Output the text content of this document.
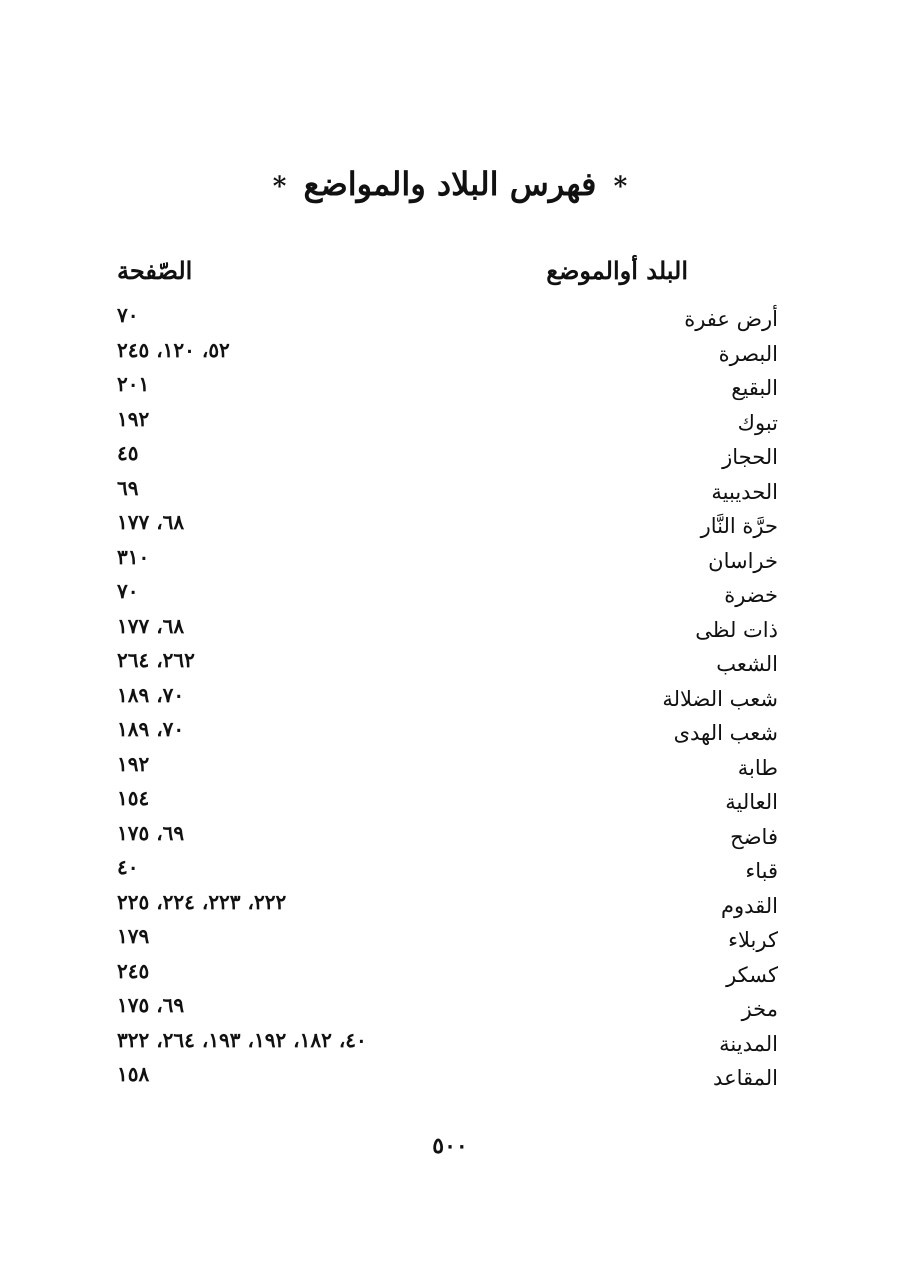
* فهرس البلاد والمواضع *
البلد أوالموضع
الصّفحة
أرض عفرة
٧٠
البصرة
٥٢، ١٢٠، ٢٤٥
البقيع
٢٠١
تبوك
١٩٢
الحجاز
٤٥
الحديبية
٦٩
حرَّة النَّار
٦٨، ١٧٧
خراسان
٣١٠
خضرة
٧٠
ذات لظى
٦٨، ١٧٧
الشعب
٢٦٢، ٢٦٤
شعب الضلالة
٧٠، ١٨٩
شعب الهدى
٧٠، ١٨٩
طابة
١٩٢
العالية
١٥٤
فاضح
٦٩، ١٧٥
قباء
٤٠
القدوم
٢٢٢، ٢٢٣، ٢٢٤، ٢٢٥
كربلاء
١٧٩
كسكر
٢٤٥
مخز
٦٩، ١٧٥
المدينة
٤٠، ١٨٢، ١٩٢، ١٩٣، ٢٦٤، ٣٢٢
المقاعد
١٥٨
٥٠٠
